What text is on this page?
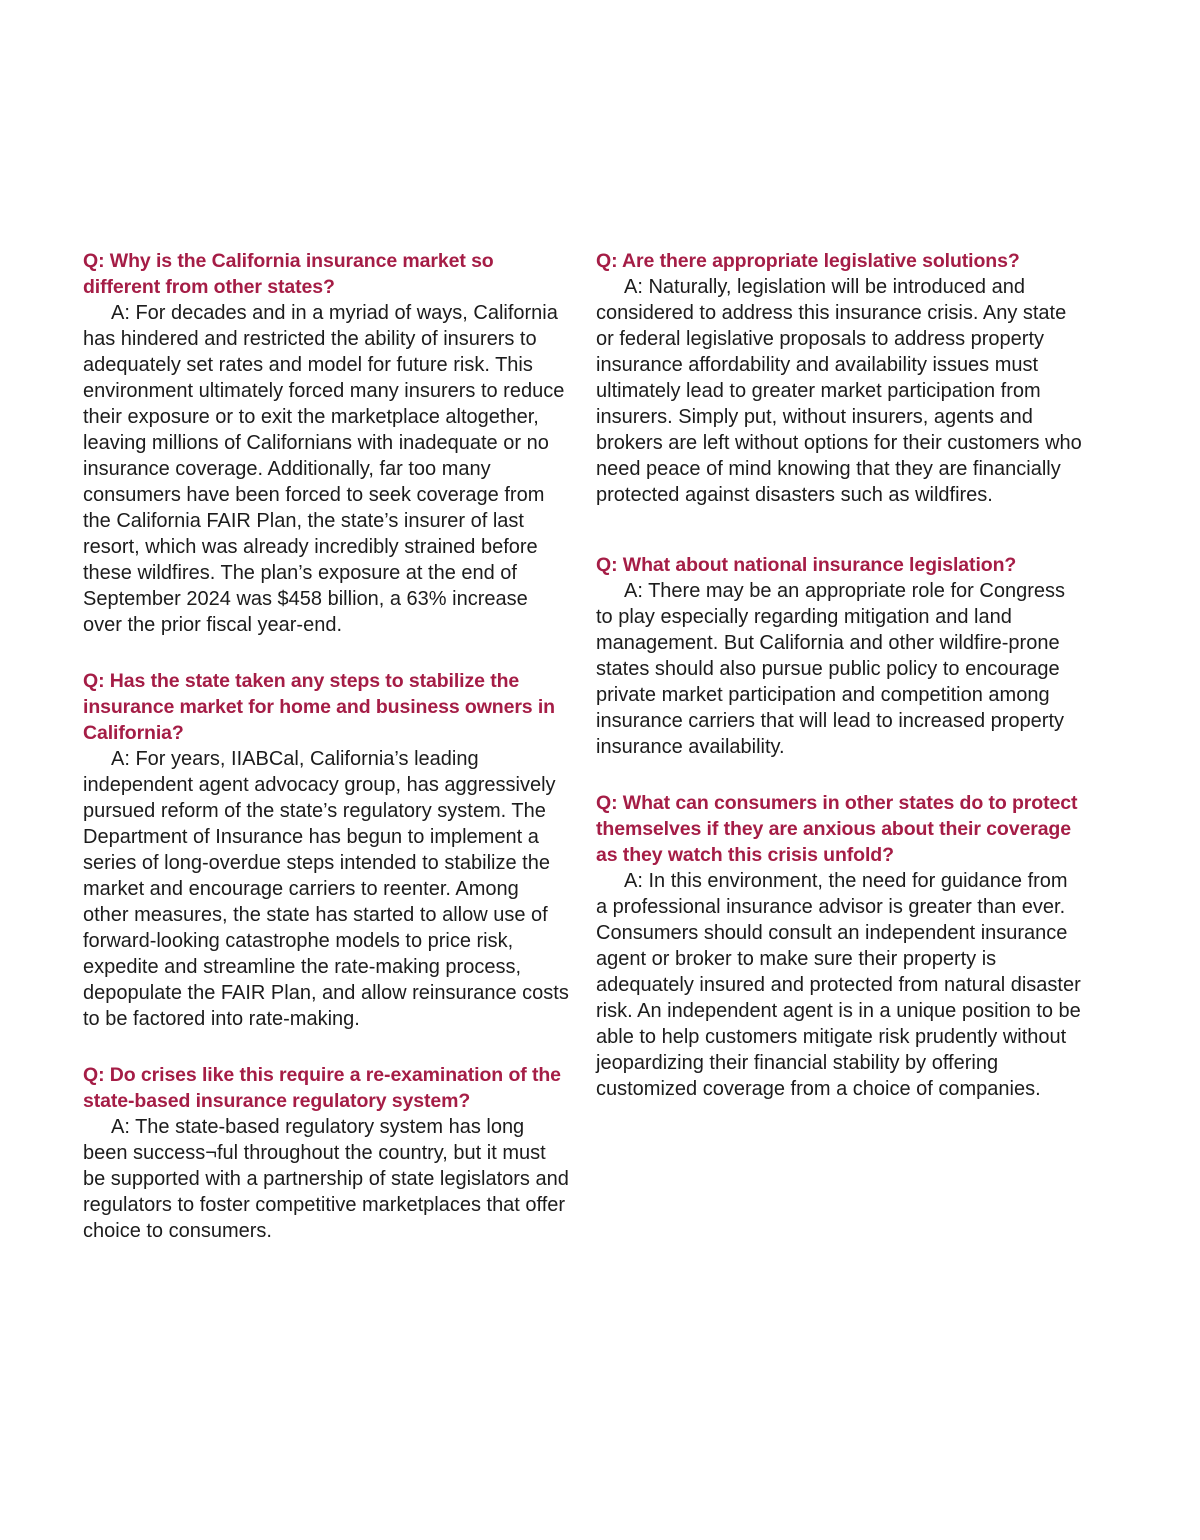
Q: Why is the California insurance market so different from other states?

A: For decades and in a myriad of ways, California has hindered and restricted the ability of insurers to adequately set rates and model for future risk. This environment ultimately forced many insurers to reduce their exposure or to exit the marketplace altogether, leaving millions of Californians with inadequate or no insurance coverage. Additionally, far too many consumers have been forced to seek coverage from the California FAIR Plan, the state’s insurer of last resort, which was already incredibly strained before these wildfires. The plan’s exposure at the end of September 2024 was $458 billion, a 63% increase over the prior fiscal year-end.

Q: Has the state taken any steps to stabilize the insurance market for home and business owners in California?

A: For years, IIABCal, California’s leading independent agent advocacy group, has aggressively pursued reform of the state’s regulatory system. The Department of Insurance has begun to implement a series of long-overdue steps intended to stabilize the market and encourage carriers to reenter. Among other measures, the state has started to allow use of forward-looking catastrophe models to price risk, expedite and streamline the rate-making process, depopulate the FAIR Plan, and allow reinsurance costs to be factored into rate-making.

Q: Do crises like this require a re-examination of the state-based insurance regulatory system?

A: The state-based regulatory system has long been success¬ful throughout the country, but it must be supported with a partnership of state legislators and regulators to foster competitive marketplaces that offer choice to consumers.

Q: Are there appropriate legislative solutions?

A: Naturally, legislation will be introduced and considered to address this insurance crisis. Any state or federal legislative proposals to address property insurance affordability and availability issues must ultimately lead to greater market participation from insurers. Simply put, without insurers, agents and brokers are left without options for their customers who need peace of mind knowing that they are financially protected against disasters such as wildfires.

Q: What about national insurance legislation?

A: There may be an appropriate role for Congress to play especially regarding mitigation and land management. But California and other wildfire-prone states should also pursue public policy to encourage private market participation and competition among insurance carriers that will lead to increased property insurance availability.

Q: What can consumers in other states do to protect themselves if they are anxious about their coverage as they watch this crisis unfold?

A: In this environment, the need for guidance from a professional insurance advisor is greater than ever. Consumers should consult an independent insurance agent or broker to make sure their property is adequately insured and protected from natural disaster risk. An independent agent is in a unique position to be able to help customers mitigate risk prudently without jeopardizing their financial stability by offering customized coverage from a choice of companies.
